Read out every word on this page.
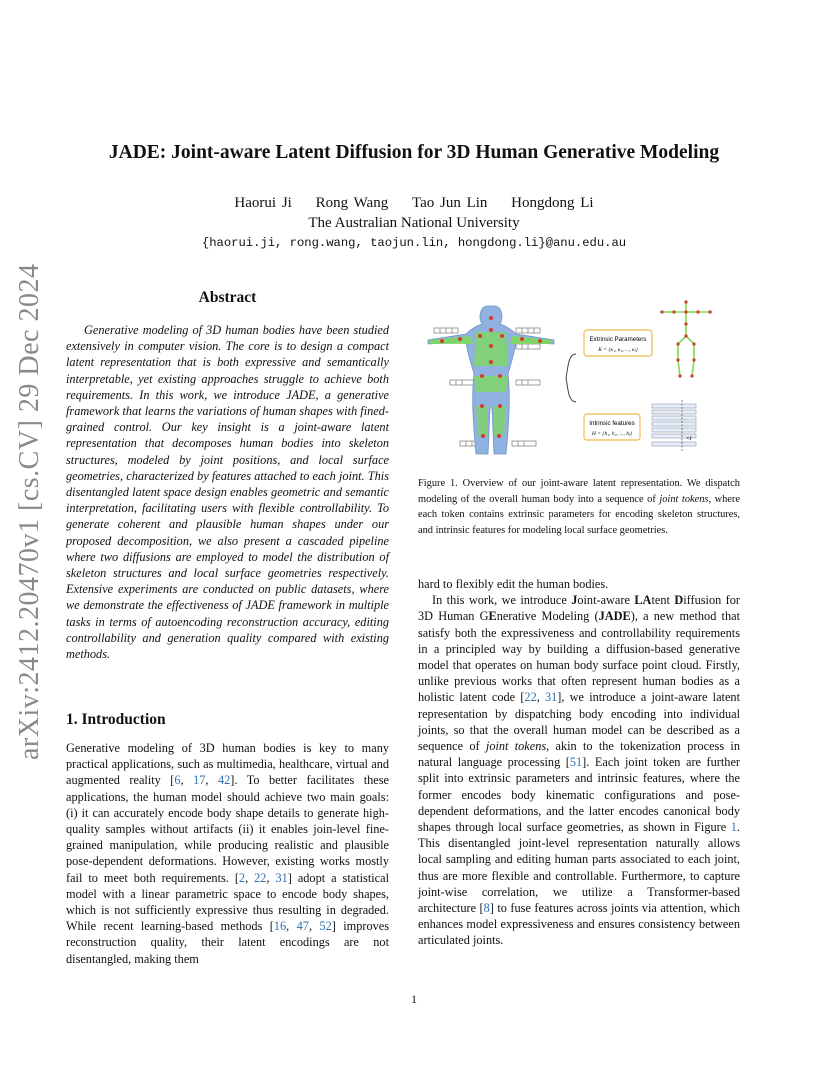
arXiv:2412.20470v1 [cs.CV] 29 Dec 2024
JADE: Joint-aware Latent Diffusion for 3D Human Generative Modeling
Haorui Ji Rong Wang Tao Jun Lin Hongdong Li
The Australian National University
{haorui.ji, rong.wang, taojun.lin, hongdong.li}@anu.edu.au
Abstract
Generative modeling of 3D human bodies have been studied extensively in computer vision. The core is to design a compact latent representation that is both expressive and semantically interpretable, yet existing approaches struggle to achieve both requirements. In this work, we introduce JADE, a generative framework that learns the variations of human shapes with fined-grained control. Our key insight is a joint-aware latent representation that decomposes human bodies into skeleton structures, modeled by joint positions, and local surface geometries, characterized by features attached to each joint. This disentangled latent space design enables geometric and semantic interpretation, facilitating users with flexible controllability. To generate coherent and plausible human shapes under our proposed decomposition, we also present a cascaded pipeline where two diffusions are employed to model the distribution of skeleton structures and local surface geometries respectively. Extensive experiments are conducted on public datasets, where we demonstrate the effectiveness of JADE framework in multiple tasks in terms of autoencoding reconstruction accuracy, editing controllability and generation quality compared with existing methods.
1. Introduction
Generative modeling of 3D human bodies is key to many practical applications, such as multimedia, healthcare, virtual and augmented reality [6, 17, 42]. To better facilitates these applications, the human model should achieve two main goals: (i) it can accurately encode body shape details to generate high-quality samples without artifacts (ii) it enables join-level fine-grained manipulation, while producing realistic and plausible pose-dependent deformations. However, existing works mostly fail to meet both requirements. [2, 22, 31] adopt a statistical model with a linear parametric space to encode body shapes, which is not sufficiently expressive thus resulting in degraded. While recent learning-based methods [16, 47, 52] improves reconstruction quality, their latent encodings are not disentangled, making them
Extrinsic Parameters
K = {κ₁, κ₂, ..., κⱼ}
Intrinsic features
H = {h₁, h₂, ..., hⱼ}
×J
Figure 1. Overview of our joint-aware latent representation. We dispatch modeling of the overall human body into a sequence of joint tokens, where each token contains extrinsic parameters for encoding skeleton structures, and intrinsic features for modeling local surface geometries.
hard to flexibly edit the human bodies.
In this work, we introduce Joint-aware LAtent Diffusion for 3D Human GEnerative Modeling (JADE), a new method that satisfy both the expressiveness and controllability requirements in a principled way by building a diffusion-based generative model that operates on human body surface point cloud. Firstly, unlike previous works that often represent human bodies as a holistic latent code [22, 31], we introduce a joint-aware latent representation by dispatching body encoding into individual joints, so that the overall human model can be described as a sequence of joint tokens, akin to the tokenization process in natural language processing [51]. Each joint token are further split into extrinsic parameters and intrinsic features, where the former encodes body kinematic configurations and pose-dependent deformations, and the latter encodes canonical body shapes through local surface geometries, as shown in Figure 1. This disentangled joint-level representation naturally allows local sampling and editing human parts associated to each joint, thus are more flexible and controllable. Furthermore, to capture joint-wise correlation, we utilize a Transformer-based architecture [8] to fuse features across joints via attention, which enhances model expressiveness and ensures consistency between articulated joints.
1
